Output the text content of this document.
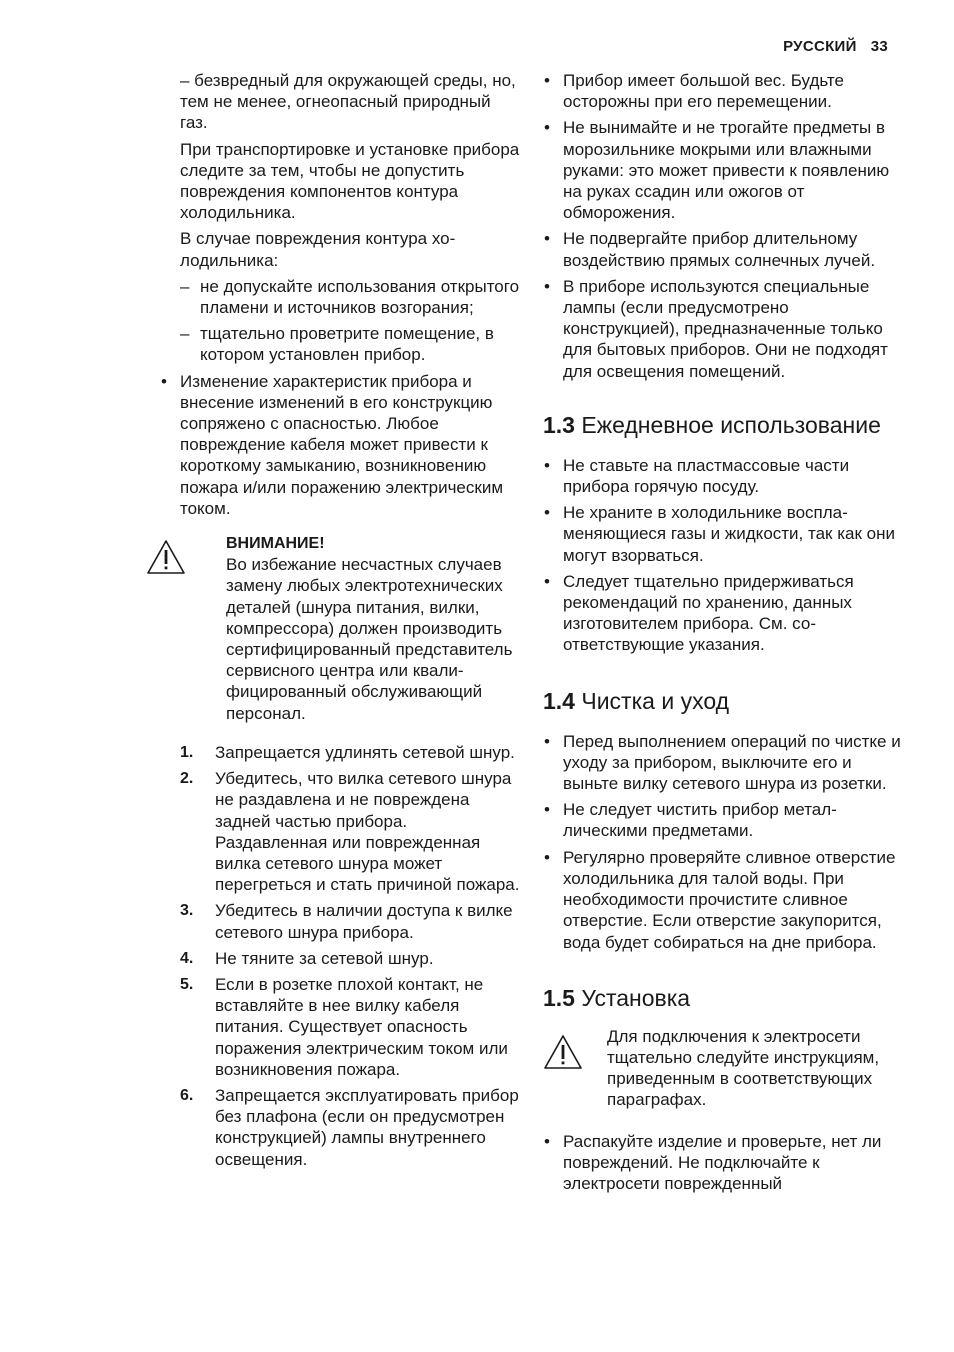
РУССКИЙ 33

– безвредный для окружающей среды, но, тем не менее, огнеопасный природный газ.

При транспортировке и установке прибора следите за тем, чтобы не допустить повреждения компонентов контура холодильника.

В случае повреждения контура холодильника:

– не допускайте использования открытого пламени и источников возгорания;
– тщательно проветрите помещение, в котором установлен прибор.
• Изменение характеристик прибора и внесение изменений в его конструкцию сопряжено с опасностью. Любое повреждение кабеля может привести к короткому замыканию, возникновению пожара и/или поражению электрическим током.
ВНИМАНИЕ!
Во избежание несчастных случаев замену любых электротехнических деталей (шнура питания, вилки, компрессора) должен производить сертифицированный представитель сервисного центра или квалифицированный обслуживающий персонал.
1. Запрещается удлинять сетевой шнур.
2. Убедитесь, что вилка сетевого шнура не раздавлена и не повреждена задней частью прибора. Раздавленная или поврежденная вилка сетевого шнура может перегреться и стать причиной пожара.
3. Убедитесь в наличии доступа к вилке сетевого шнура прибора.
4. Не тяните за сетевой шнур.
5. Если в розетке плохой контакт, не вставляйте в нее вилку кабеля питания. Существует опасность поражения электрическим током или возникновения пожара.
6. Запрещается эксплуатировать прибор без плафона (если он предусмотрен конструкцией) лампы внутреннего освещения.
• Прибор имеет большой вес. Будьте осторожны при его перемещении.
• Не вынимайте и не трогайте предметы в морозильнике мокрыми или влажными руками: это может привести к появлению на руках ссадин или ожогов от обморожения.
• Не подвергайте прибор длительному воздействию прямых солнечных лучей.
• В приборе используются специальные лампы (если предусмотрено конструкцией), предназначенные только для бытовых приборов. Они не подходят для освещения помещений.
1.3 Ежедневное использование
• Не ставьте на пластмассовые части прибора горячую посуду.
• Не храните в холодильнике воспламеняющиеся газы и жидкости, так как они могут взорваться.
• Следует тщательно придерживаться рекомендаций по хранению, данных изготовителем прибора. См. соответствующие указания.
1.4 Чистка и уход
• Перед выполнением операций по чистке и уходу за прибором, выключите его и выньте вилку сетевого шнура из розетки.
• Не следует чистить прибор металлическими предметами.
• Регулярно проверяйте сливное отверстие холодильника для талой воды. При необходимости прочистите сливное отверстие. Если отверстие закупорится, вода будет собираться на дне прибора.
1.5 Установка
Для подключения к электросети тщательно следуйте инструкциям, приведенным в соответствующих параграфах.
• Распакуйте изделие и проверьте, нет ли повреждений. Не подключайте к электросети поврежденный
